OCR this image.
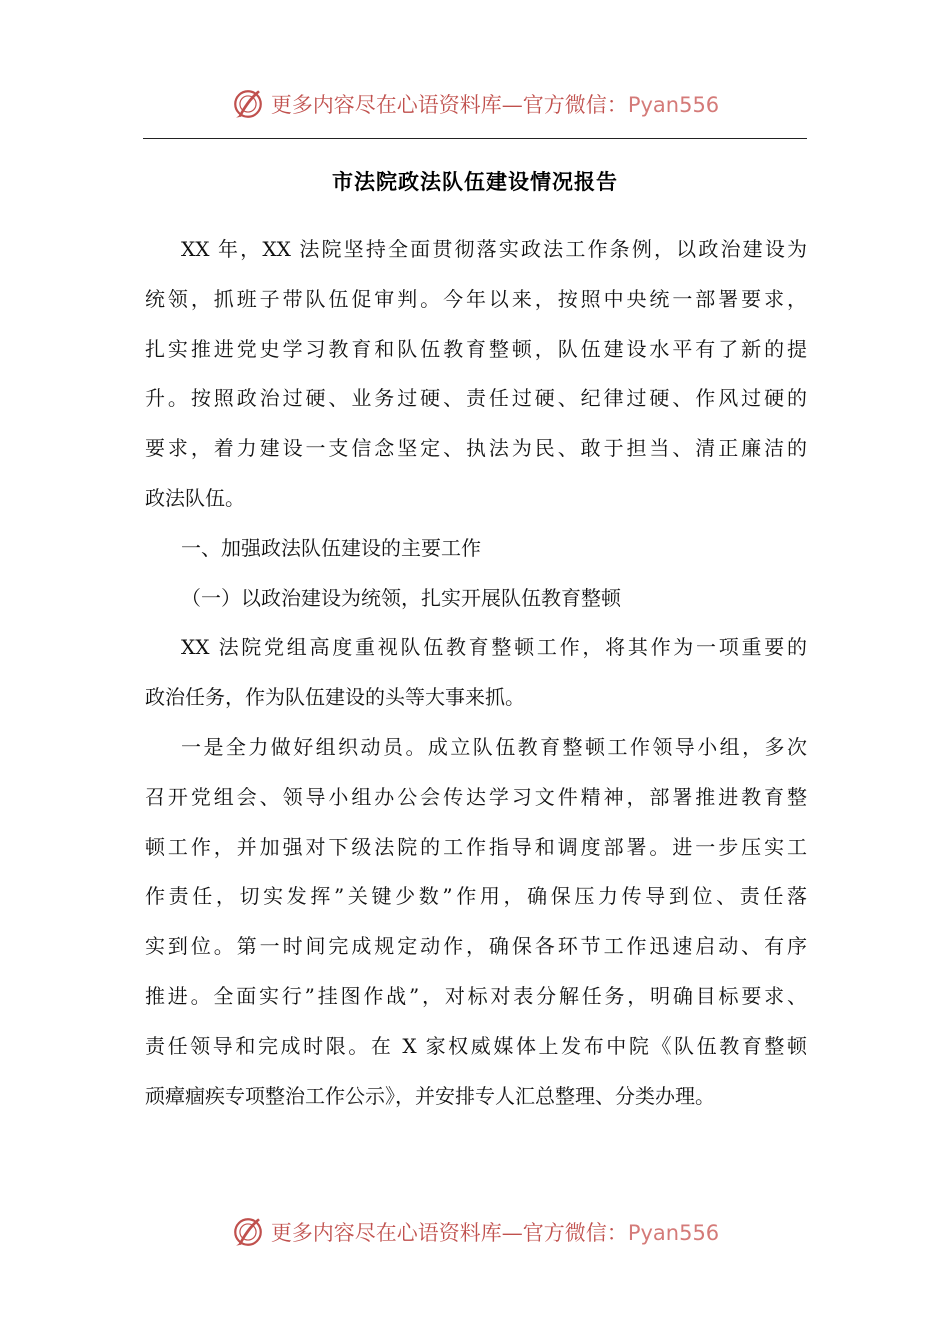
更多内容尽在心语资料库—官方微信：Pyan556
市法院政法队伍建设情况报告
XX 年，XX 法院坚持全面贯彻落实政法工作条例，以政治建设为
统领，抓班子带队伍促审判。今年以来，按照中央统一部署要求，
扎实推进党史学习教育和队伍教育整顿，队伍建设水平有了新的提
升。按照政治过硬、业务过硬、责任过硬、纪律过硬、作风过硬的
要求，着力建设一支信念坚定、执法为民、敢于担当、清正廉洁的
政法队伍。
一、加强政法队伍建设的主要工作
（一）以政治建设为统领，扎实开展队伍教育整顿
XX 法院党组高度重视队伍教育整顿工作，将其作为一项重要的
政治任务，作为队伍建设的头等大事来抓。
一是全力做好组织动员。成立队伍教育整顿工作领导小组，多次
召开党组会、领导小组办公会传达学习文件精神，部署推进教育整
顿工作，并加强对下级法院的工作指导和调度部署。进一步压实工
作责任，切实发挥”关键少数”作用，确保压力传导到位、责任落
实到位。第一时间完成规定动作，确保各环节工作迅速启动、有序
推进。全面实行”挂图作战”，对标对表分解任务，明确目标要求、
责任领导和完成时限。在 X 家权威媒体上发布中院《队伍教育整顿
顽瘴痼疾专项整治工作公示》，并安排专人汇总整理、分类办理。
更多内容尽在心语资料库—官方微信：Pyan556
